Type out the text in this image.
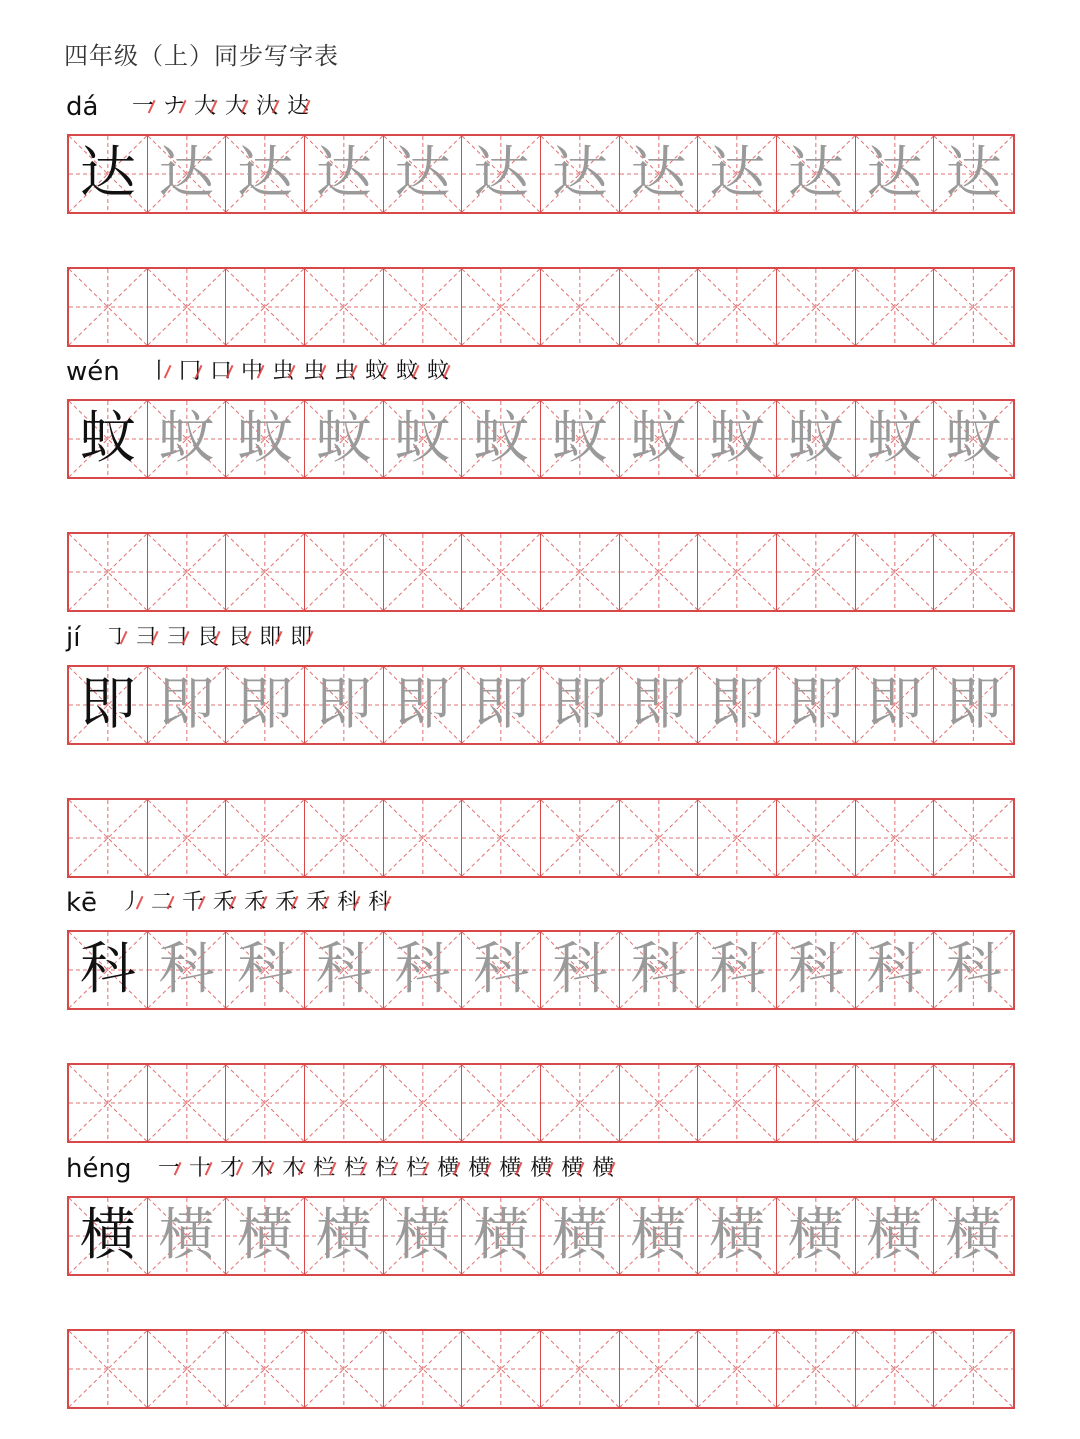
四年级（上）同步写字表
dá 一 ナ 大 大 汏 达
达 达 达 达 达 达 达 达 达 达 达 达
wén 丨 冂 口 中 虫 虫 虫 蚊 蚊 蚊
蚊 蚊 蚊 蚊 蚊 蚊 蚊 蚊 蚊 蚊 蚊 蚊
jí ㇆ 彐 彐 艮 艮 即 即
即 即 即 即 即 即 即 即 即 即 即 即
kē 丿 二 千 禾 禾 禾 禾 科 科
科 科 科 科 科 科 科 科 科 科 科 科
héng 一 十 才 木 木 栏 栏 栏 栏 横 横 横 横 横 横
横 横 横 横 横 横 横 横 横 横 横 横
